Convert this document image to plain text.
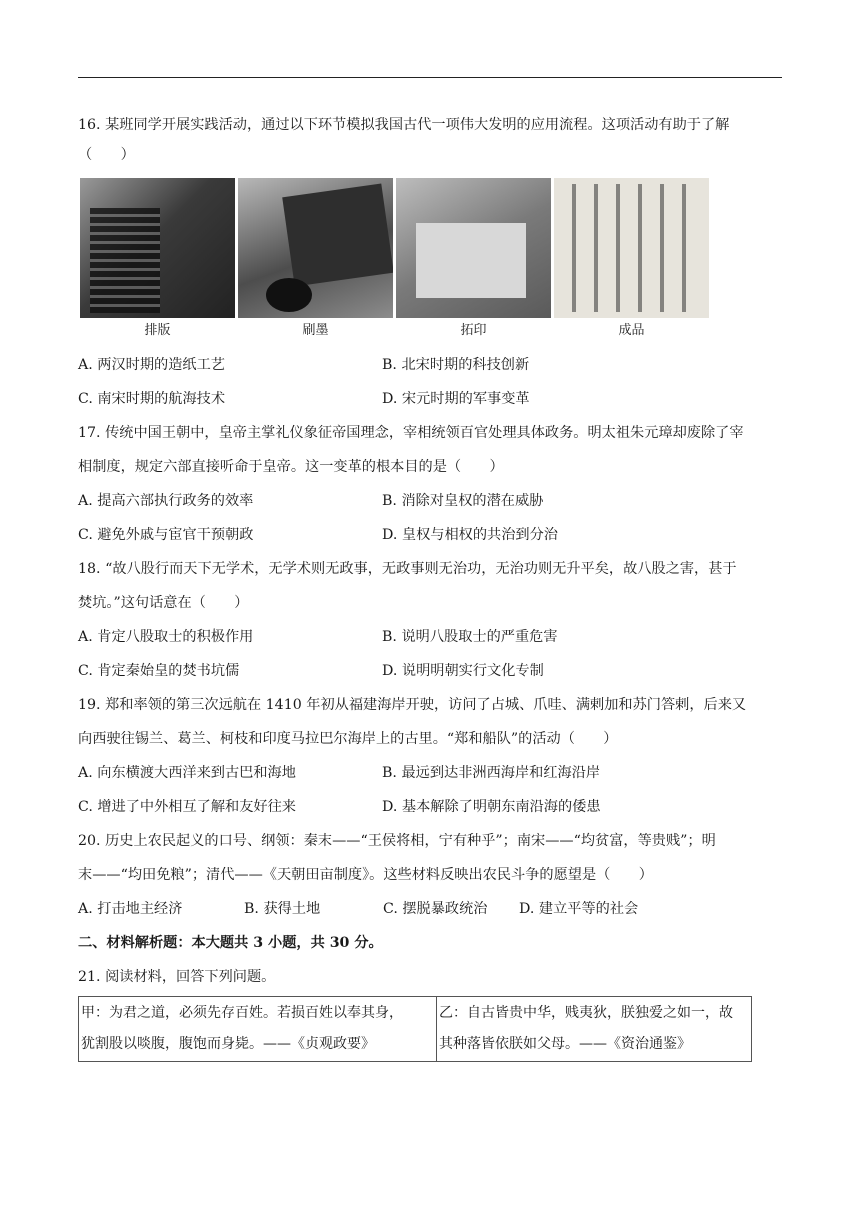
16. 某班同学开展实践活动，通过以下环节模拟我国古代一项伟大发明的应用流程。这项活动有助于了解

（　　）

排版	刷墨	拓印	成品
A. 两汉时期的造纸工艺	B. 北宋时期的科技创新
C. 南宋时期的航海技术	D. 宋元时期的军事变革

17. 传统中国王朝中，皇帝主掌礼仪象征帝国理念，宰相统领百官处理具体政务。明太祖朱元璋却废除了宰

相制度，规定六部直接听命于皇帝。这一变革的根本目的是（　　）

A. 提高六部执行政务的效率	B. 消除对皇权的潜在威胁
C. 避免外戚与宦官干预朝政	D. 皇权与相权的共治到分治

18. “故八股行而天下无学术，无学术则无政事，无政事则无治功，无治功则无升平矣，故八股之害，甚于

焚坑。”这句话意在（　　）

A. 肯定八股取士的积极作用	B. 说明八股取士的严重危害
C. 肯定秦始皇的焚书坑儒	D. 说明明朝实行文化专制

19. 郑和率领的第三次远航在 1410 年初从福建海岸开驶，访问了占城、爪哇、满剌加和苏门答剌，后来又

向西驶往锡兰、葛兰、柯枝和印度马拉巴尔海岸上的古里。“郑和船队”的活动（　　）

A. 向东横渡大西洋来到古巴和海地	B. 最远到达非洲西海岸和红海沿岸
C. 增进了中外相互了解和友好往来	D. 基本解除了明朝东南沿海的倭患

20. 历史上农民起义的口号、纲领：秦末——“王侯将相，宁有种乎”；南宋——“均贫富，等贵贱”；明

末——“均田免粮”；清代——《天朝田亩制度》。这些材料反映出农民斗争的愿望是（　　）

A. 打击地主经济	B. 获得土地	C. 摆脱暴政统治	D. 建立平等的社会

二、材料解析题：本大题共 3 小题，共 30 分。

21. 阅读材料，回答下列问题。

甲：为君之道，必须先存百姓。若损百姓以奉其身，
犹割股以啖腹，腹饱而身毙。——《贞观政要》

乙：自古皆贵中华，贱夷狄，朕独爱之如一，故
其种落皆依朕如父母。——《资治通鉴》
